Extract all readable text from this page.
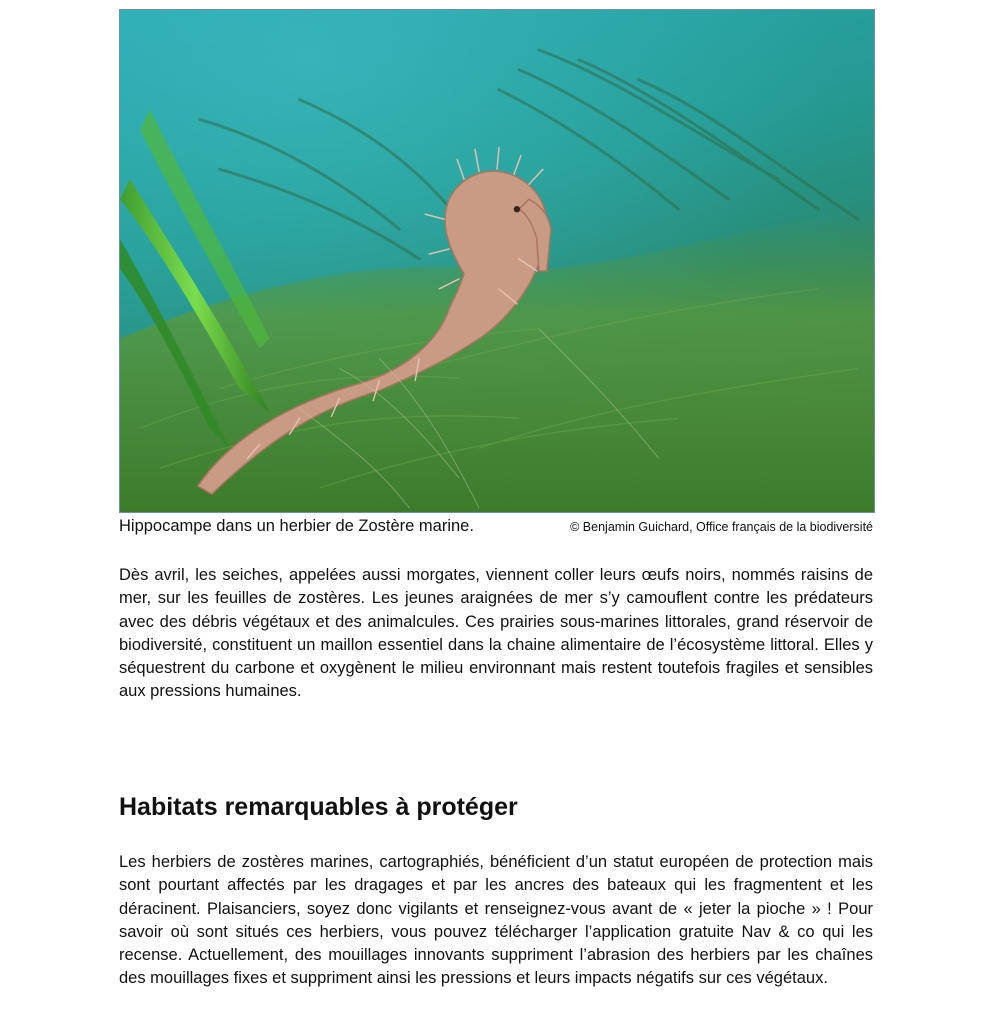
Hippocampe dans un herbier de Zostère marine.	© Benjamin Guichard, Office français de la biodiversité

Dès avril, les seiches, appelées aussi morgates, viennent coller leurs œufs noirs, nommés raisins de mer, sur les feuilles de zostères. Les jeunes araignées de mer s’y camouflent contre les prédateurs avec des débris végétaux et des animalcules. Ces prairies sous-marines littorales, grand réservoir de biodiversité, constituent un maillon essentiel dans la chaine alimentaire de l’écosystème littoral. Elles y séquestrent du carbone et oxygènent le milieu environnant mais restent toutefois fragiles et sensibles aux pressions humaines.

Habitats remarquables à protéger

Les herbiers de zostères marines, cartographiés, bénéficient d’un statut européen de protection mais sont pourtant affectés par les dragages et par les ancres des bateaux qui les fragmentent et les déracinent. Plaisanciers, soyez donc vigilants et renseignez-vous avant de « jeter la pioche » ! Pour savoir où sont situés ces herbiers, vous pouvez télécharger l’application gratuite Nav & co qui les recense. Actuellement, des mouillages innovants suppriment l’abrasion des herbiers par les chaînes des mouillages fixes et suppriment ainsi les pressions et leurs impacts négatifs sur ces végétaux.
